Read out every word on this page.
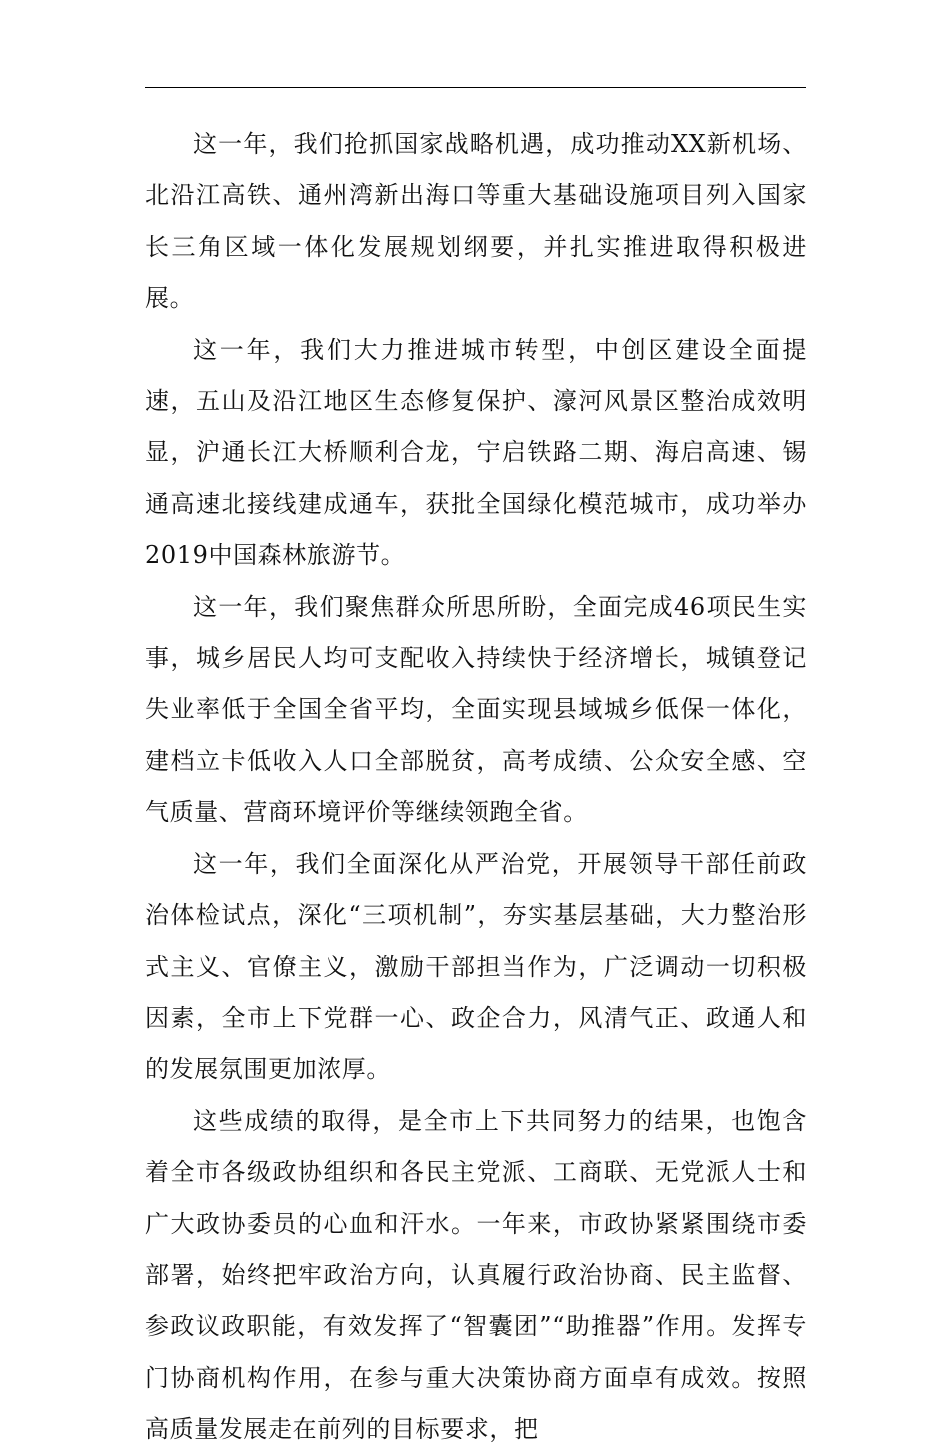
这一年，我们抢抓国家战略机遇，成功推动XX新机场、北沿江高铁、通州湾新出海口等重大基础设施项目列入国家长三角区域一体化发展规划纲要，并扎实推进取得积极进展。

这一年，我们大力推进城市转型，中创区建设全面提速，五山及沿江地区生态修复保护、濠河风景区整治成效明显，沪通长江大桥顺利合龙，宁启铁路二期、海启高速、锡通高速北接线建成通车，获批全国绿化模范城市，成功举办2019中国森林旅游节。

这一年，我们聚焦群众所思所盼，全面完成46项民生实事，城乡居民人均可支配收入持续快于经济增长，城镇登记失业率低于全国全省平均，全面实现县域城乡低保一体化，建档立卡低收入人口全部脱贫，高考成绩、公众安全感、空气质量、营商环境评价等继续领跑全省。

这一年，我们全面深化从严治党，开展领导干部任前政治体检试点，深化“三项机制”，夯实基层基础，大力整治形式主义、官僚主义，激励干部担当作为，广泛调动一切积极因素，全市上下党群一心、政企合力，风清气正、政通人和的发展氛围更加浓厚。

这些成绩的取得，是全市上下共同努力的结果，也饱含着全市各级政协组织和各民主党派、工商联、无党派人士和广大政协委员的心血和汗水。一年来，市政协紧紧围绕市委部署，始终把牢政治方向，认真履行政治协商、民主监督、参政议政职能，有效发挥了“智囊团”“助推器”作用。发挥专门协商机构作用，在参与重大决策协商方面卓有成效。按照高质量发展走在前列的目标要求，把
